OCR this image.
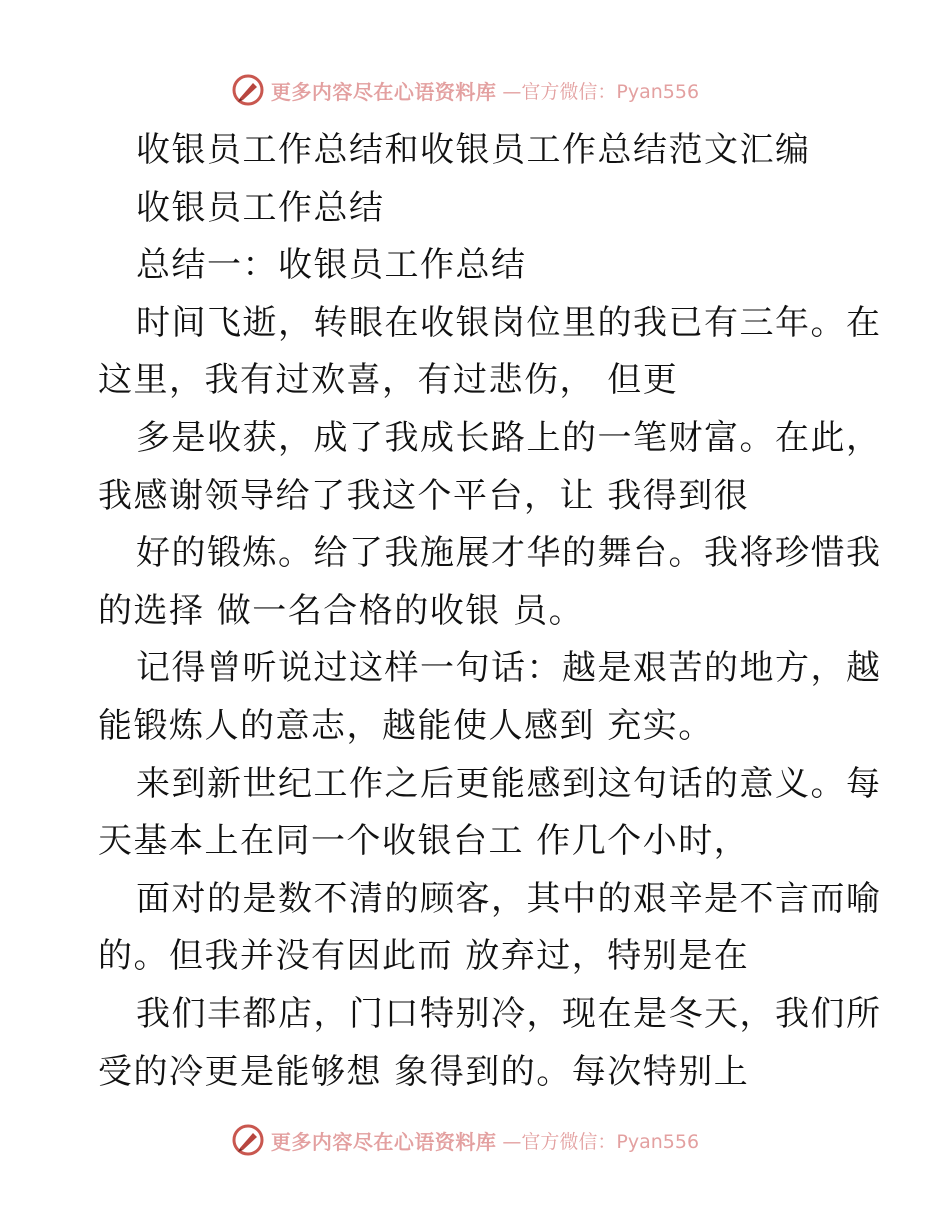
更多内容尽在心语资料库 —官方微信：Pyan556
收银员工作总结和收银员工作总结范文汇编
收银员工作总结
总结一：收银员工作总结
时间飞逝，转眼在收银岗位里的我已有三年。在
这里，我有过欢喜，有过悲伤， 但更
多是收获，成了我成长路上的一笔财富。在此，
我感谢领导给了我这个平台，让 我得到很
好的锻炼。给了我施展才华的舞台。我将珍惜我
的选择 做一名合格的收银 员。
记得曾听说过这样一句话：越是艰苦的地方，越
能锻炼人的意志，越能使人感到 充实。
来到新世纪工作之后更能感到这句话的意义。每
天基本上在同一个收银台工 作几个小时，
面对的是数不清的顾客，其中的艰辛是不言而喻
的。但我并没有因此而 放弃过，特别是在
我们丰都店，门口特别冷，现在是冬天，我们所
受的冷更是能够想 象得到的。每次特别上
更多内容尽在心语资料库 —官方微信：Pyan556
